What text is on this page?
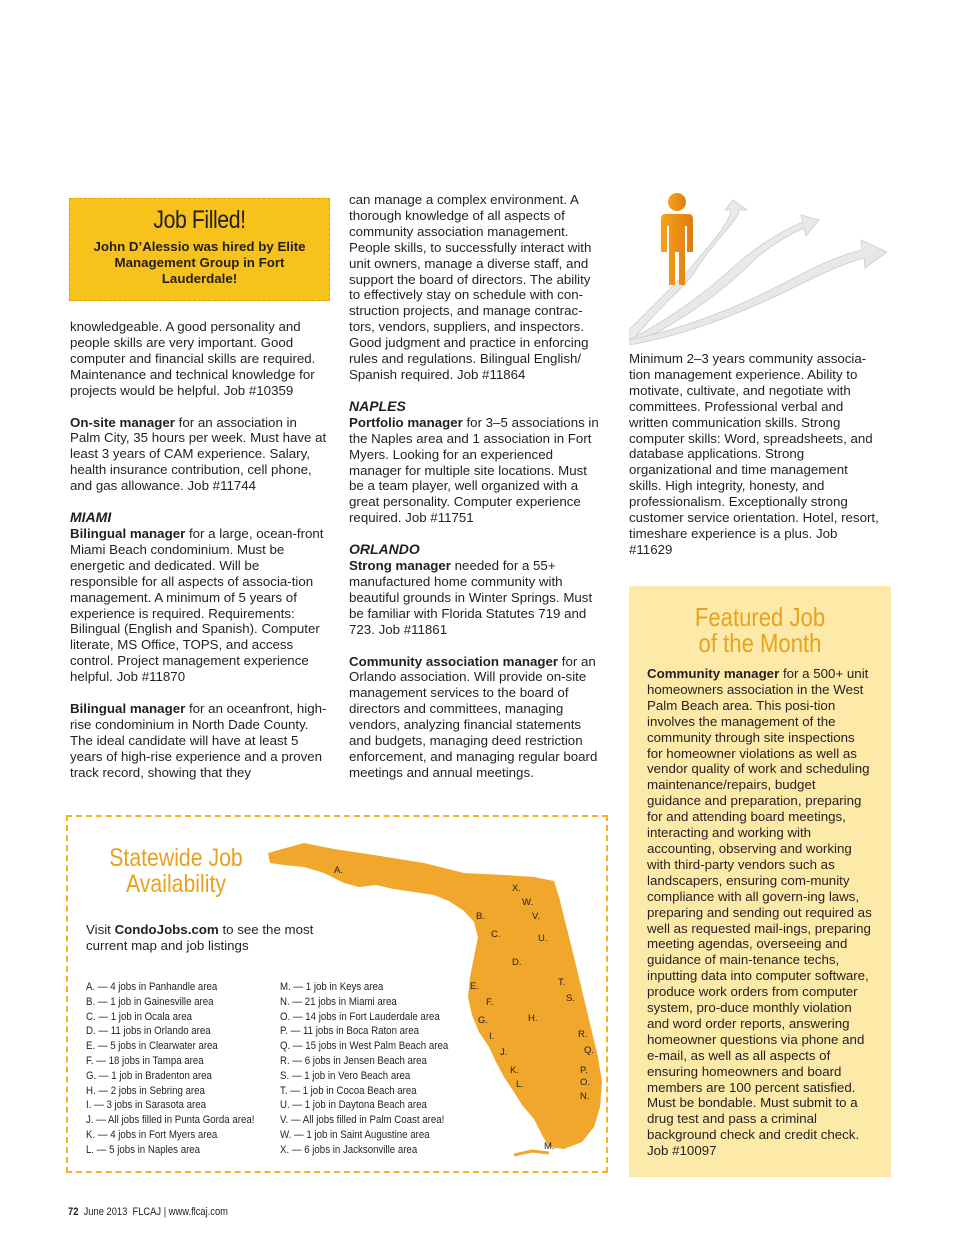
Job Filled!
John D’Alessio was hired by Elite Management Group in Fort Lauderdale!

knowledgeable. A good personality and people skills are very important. Good computer and financial skills are required. Maintenance and technical knowledge for projects would be helpful. Job #10359

On-site manager for an association in Palm City, 35 hours per week. Must have at least 3 years of CAM experience. Salary, health insurance contribution, cell phone, and gas allowance. Job #11744

MIAMI

Bilingual manager for a large, ocean-front Miami Beach condominium. Must be energetic and dedicated. Will be responsible for all aspects of associa-tion management. A minimum of 5 years of experience is required. Requirements: Bilingual (English and Spanish). Computer literate, MS Office, TOPS, and access control. Project management experience helpful. Job #11870

Bilingual manager for an oceanfront, high-rise condominium in North Dade County. The ideal candidate will have at least 5 years of high-rise experience and a proven track record, showing that they

can manage a complex environment. A thorough knowledge of all aspects of community association management. People skills, to successfully interact with unit owners, manage a diverse staff, and support the board of directors. The ability to effectively stay on schedule with con-struction projects, and manage contrac-tors, vendors, suppliers, and inspectors. Good judgment and practice in enforcing rules and regulations. Bilingual English/ Spanish required. Job #11864

NAPLES

Portfolio manager for 3–5 associations in the Naples area and 1 association in Fort Myers. Looking for an experienced manager for multiple site locations. Must be a team player, well organized with a great personality. Computer experience required. Job #11751

ORLANDO

Strong manager needed for a 55+ manufactured home community with beautiful grounds in Winter Springs. Must be familiar with Florida Statutes 719 and 723. Job #11861

Community association manager for an Orlando association. Will provide on-site management services to the board of directors and committees, managing vendors, analyzing financial statements and budgets, managing deed restriction enforcement, and managing regular board meetings and annual meetings.

Minimum 2–3 years community associa-tion management experience. Ability to motivate, cultivate, and negotiate with committees. Professional verbal and written communication skills. Strong computer skills: Word, spreadsheets, and database applications. Strong organizational and time management skills. High integrity, honesty, and professionalism. Exceptionally strong customer service orientation. Hotel, resort, timeshare experience is a plus. Job #11629

Featured Job
of the Month
Community manager for a 500+ unit homeowners association in the West Palm Beach area. This posi-tion involves the management of the community through site inspections for homeowner violations as well as vendor quality of work and scheduling maintenance/repairs, budget guidance and preparation, preparing for and attending board meetings, interacting and working with accounting, observing and working with third-party vendors such as landscapers, ensuring com-munity compliance with all govern-ing laws, preparing and sending out required as well as requested mail-ings, preparing meeting agendas, overseeing and guidance of main-tenance techs, inputting data into computer software, produce work orders from computer system, pro-duce monthly violation and word order reports, answering homeowner questions via phone and e-mail, as well as all aspects of ensuring homeowners and board members are 100 percent satisfied. Must be bondable. Must submit to a drug test and pass a criminal background check and credit check. Job #10097
Statewide Job
Availability
Visit CondoJobs.com to see the most current map and job listings
A.
B.
C.
D.
E.
F.
G.	H.
I.
J.
K.
L.
M.
N.
O.
P.
Q.
R.
S.
T.
U.
V.
W.
X.
A. — 4 jobs in Panhandle area
B. — 1 job in Gainesville area
C. — 1 job in Ocala area
D. — 11 jobs in Orlando area
E. — 5 jobs in Clearwater area
F. — 18 jobs in Tampa area
G. — 1 job in Bradenton area
H. — 2 jobs in Sebring area
I. — 3 jobs in Sarasota area
J. — All jobs filled in Punta Gorda area!
K. — 4 jobs in Fort Myers area
L. — 5 jobs in Naples area
M. — 1 job in Keys area
N. — 21 jobs in Miami area
O. — 14 jobs in Fort Lauderdale area
P. — 11 jobs in Boca Raton area
Q. — 15 jobs in West Palm Beach area
R. — 6 jobs in Jensen Beach area
S. — 1 job in Vero Beach area
T. — 1 job in Cocoa Beach area
U. — 1 job in Daytona Beach area
V. — All jobs filled in Palm Coast area!
W. — 1 job in Saint Augustine area
X. — 6 jobs in Jacksonville area
72 June 2013 FLCAJ | www.flcaj.com
